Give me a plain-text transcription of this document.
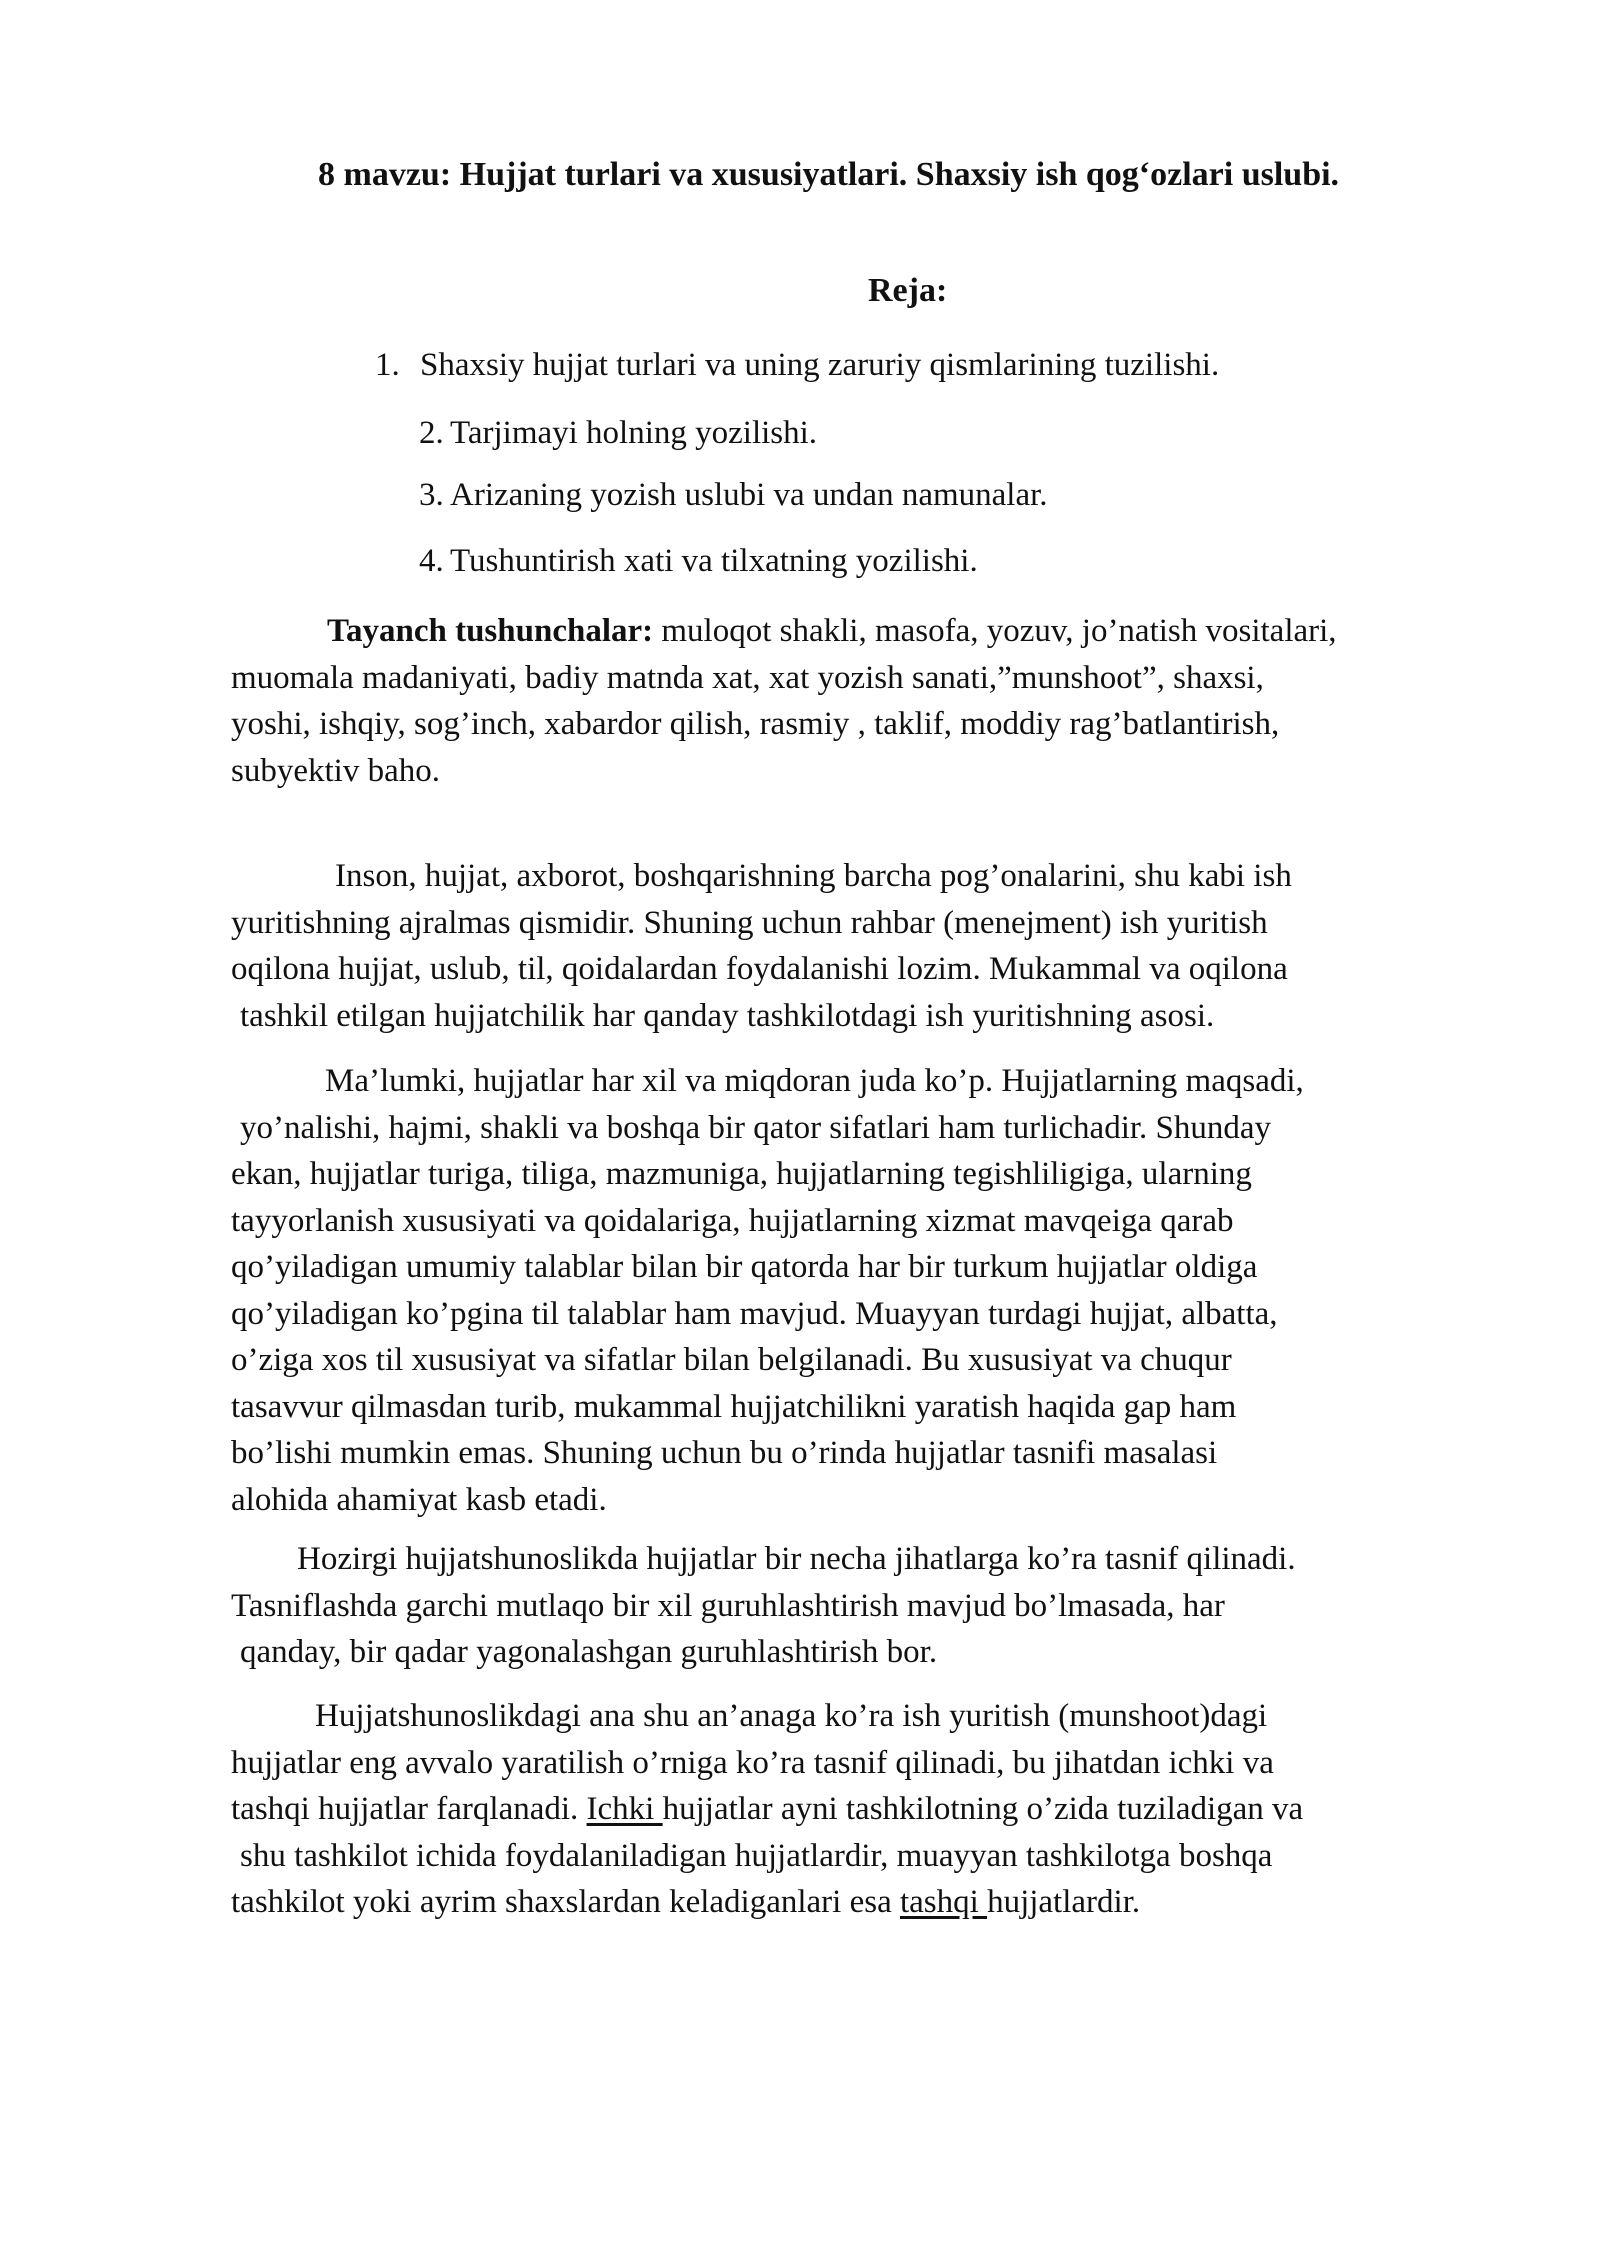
8 mavzu: Hujjat turlari va xususiyatlari. Shaxsiy ish qog‘ozlari uslubi.
Reja:
1. Shaxsiy hujjat turlari va uning zaruriy qismlarining tuzilishi.
2. Tarjimayi holning yozilishi.
3. Arizaning yozish uslubi va undan namunalar.
4. Tushuntirish xati va tilxatning yozilishi.
Tayanch tushunchalar: muloqot shakli, masofa, yozuv, jo’natish vositalari,
muomala madaniyati, badiy matnda xat, xat yozish sanati,”munshoot”, shaxsi,
yoshi, ishqiy, sog’inch, xabardor qilish, rasmiy , taklif, moddiy rag’batlantirish,
subyektiv baho.
Inson, hujjat, axborot, boshqarishning barcha pog’onalarini, shu kabi ish
yuritishning ajralmas qismidir. Shuning uchun rahbar (menejment) ish yuritish
oqilona hujjat, uslub, til, qoidalardan foydalanishi lozim. Mukammal va oqilona
tashkil etilgan hujjatchilik har qanday tashkilotdagi ish yuritishning asosi.
Ma’lumki, hujjatlar har xil va miqdoran juda ko’p. Hujjatlarning maqsadi,
yo’nalishi, hajmi, shakli va boshqa bir qator sifatlari ham turlichadir. Shunday
ekan, hujjatlar turiga, tiliga, mazmuniga, hujjatlarning tegishliligiga, ularning
tayyorlanish xususiyati va qoidalariga, hujjatlarning xizmat mavqeiga qarab
qo’yiladigan umumiy talablar bilan bir qatorda har bir turkum hujjatlar oldiga
qo’yiladigan ko’pgina til talablar ham mavjud. Muayyan turdagi hujjat, albatta,
o’ziga xos til xususiyat va sifatlar bilan belgilanadi. Bu xususiyat va chuqur
tasavvur qilmasdan turib, mukammal hujjatchilikni yaratish haqida gap ham
bo’lishi mumkin emas. Shuning uchun bu o’rinda hujjatlar tasnifi masalasi
alohida ahamiyat kasb etadi.
Hozirgi hujjatshunoslikda hujjatlar bir necha jihatlarga ko’ra tasnif qilinadi.
Tasniflashda garchi mutlaqo bir xil guruhlashtirish mavjud bo’lmasada, har
qanday, bir qadar yagonalashgan guruhlashtirish bor.
Hujjatshunoslikdagi ana shu an’anaga ko’ra ish yuritish (munshoot)dagi
hujjatlar eng avvalo yaratilish o’rniga ko’ra tasnif qilinadi, bu jihatdan ichki va
tashqi hujjatlar farqlanadi. Ichki hujjatlar ayni tashkilotning o’zida tuziladigan va
shu tashkilot ichida foydalaniladigan hujjatlardir, muayyan tashkilotga boshqa
tashkilot yoki ayrim shaxslardan keladiganlari esa tashqi hujjatlardir.
